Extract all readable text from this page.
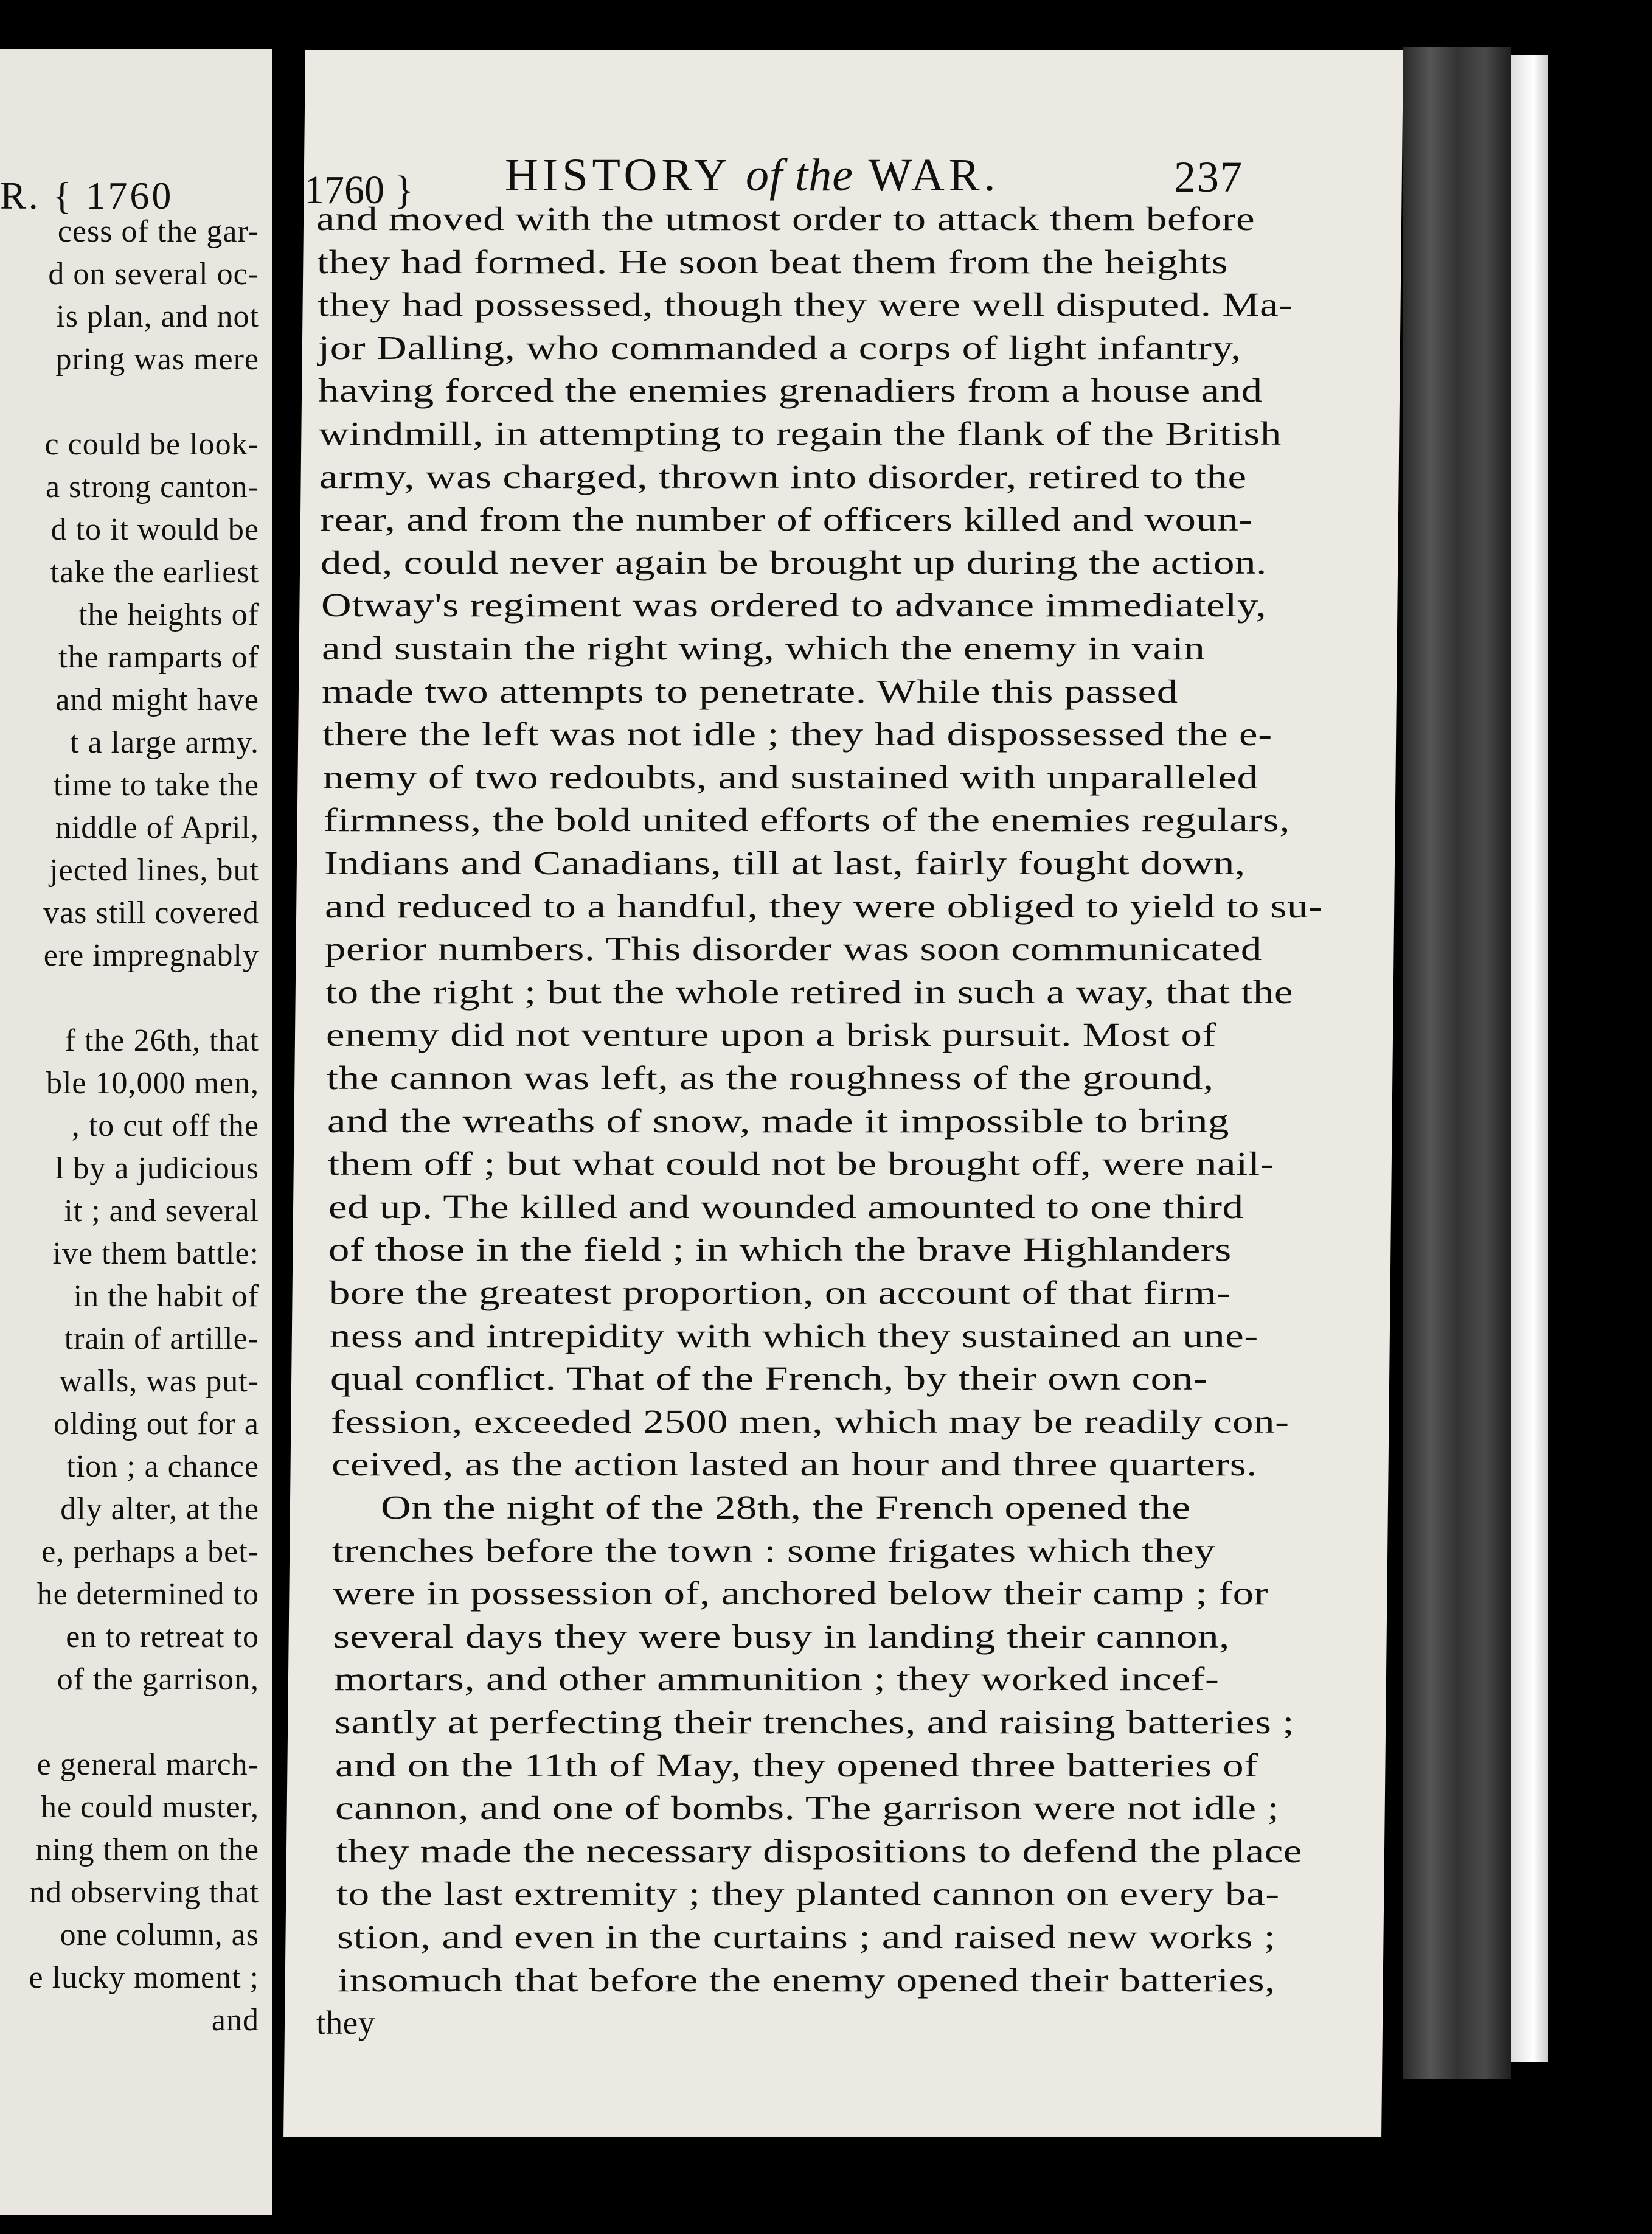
R. { 1760
cess of the gar-
d on several oc-
is plan, and not
pring was mere
c could be look-
a strong canton-
d to it would be
take the earliest
the heights of
the ramparts of
and might have
t a large army.
time to take the
niddle of April,
jected lines, but
vas still covered
ere impregnably
f the 26th, that
ble 10,000 men,
, to cut off the
l by a judicious
it ; and several
ive them battle:
in the habit of
train of artille-
walls, was put-
olding out for a
tion ; a chance
dly alter, at the
e, perhaps a bet-
he determined to
en to retreat to
of the garrison,
e general march-
he could muster,
ning them on the
nd observing that
one column, as
e lucky moment ;
and
1760 } HISTORY of the WAR.	237
and moved with the utmost order to attack them before
they had formed. He soon beat them from the heights
they had possessed, though they were well disputed. Ma-
jor Dalling, who commanded a corps of light infantry,
having forced the enemies grenadiers from a house and
windmill, in attempting to regain the flank of the British
army, was charged, thrown into disorder, retired to the
rear, and from the number of officers killed and woun-
ded, could never again be brought up during the action.
Otway's regiment was ordered to advance immediately,
and sustain the right wing, which the enemy in vain
made two attempts to penetrate. While this passed
there the left was not idle ; they had dispossessed the e-
nemy of two redoubts, and sustained with unparalleled
firmness, the bold united efforts of the enemies regulars,
Indians and Canadians, till at last, fairly fought down,
and reduced to a handful, they were obliged to yield to su-
perior numbers. This disorder was soon communicated
to the right ; but the whole retired in such a way, that the
enemy did not venture upon a brisk pursuit. Most of
the cannon was left, as the roughness of the ground,
and the wreaths of snow, made it impossible to bring
them off ; but what could not be brought off, were nail-
ed up. The killed and wounded amounted to one third
of those in the field ; in which the brave Highlanders
bore the greatest proportion, on account of that firm-
ness and intrepidity with which they sustained an une-
qual conflict. That of the French, by their own con-
fession, exceeded 2500 men, which may be readily con-
ceived, as the action lasted an hour and three quarters.
On the night of the 28th, the French opened the
trenches before the town : some frigates which they
were in possession of, anchored below their camp ; for
several days they were busy in landing their cannon,
mortars, and other ammunition ; they worked incef-
santly at perfecting their trenches, and raising batteries ;
and on the 11th of May, they opened three batteries of
cannon, and one of bombs. The garrison were not idle ;
they made the necessary dispositions to defend the place
to the last extremity ; they planted cannon on every ba-
stion, and even in the curtains ; and raised new works ;
insomuch that before the enemy opened their batteries,
they
